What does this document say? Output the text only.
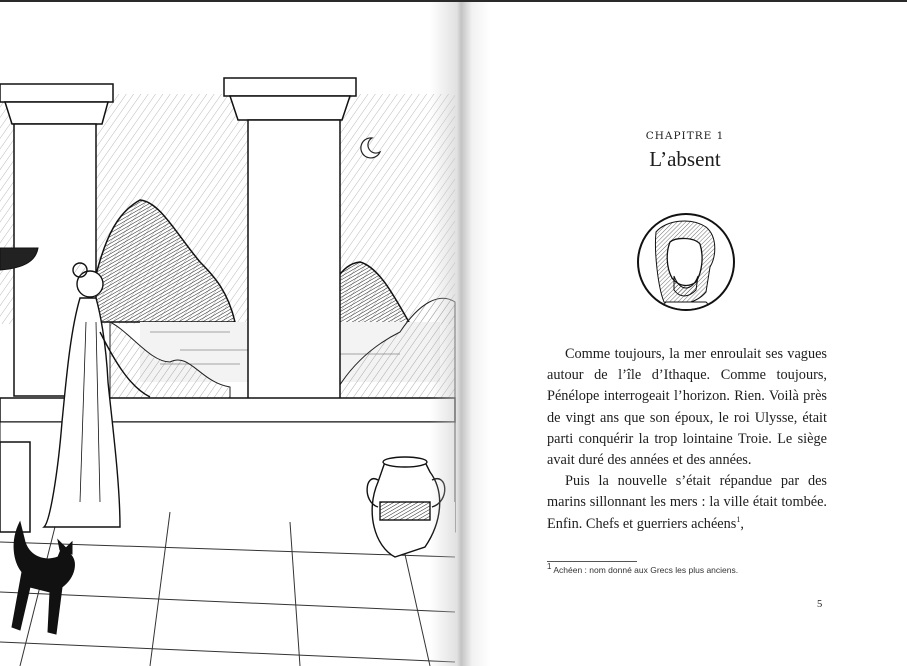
CHAPITRE 1
L’absent

Comme toujours, la mer enroulait ses vagues autour de l’île d’Ithaque. Comme toujours, Pénélope interrogeait l’horizon. Rien. Voilà près de vingt ans que son époux, le roi Ulysse, était parti conquérir la trop lointaine Troie. Le siège avait duré des années et des années.

Puis la nouvelle s’était répandue par des marins sillonnant les mers : la ville était tombée. Enfin. Chefs et guerriers achéens$^1$,

$^1$ Achéen : nom donné aux Grecs les plus anciens.
5
